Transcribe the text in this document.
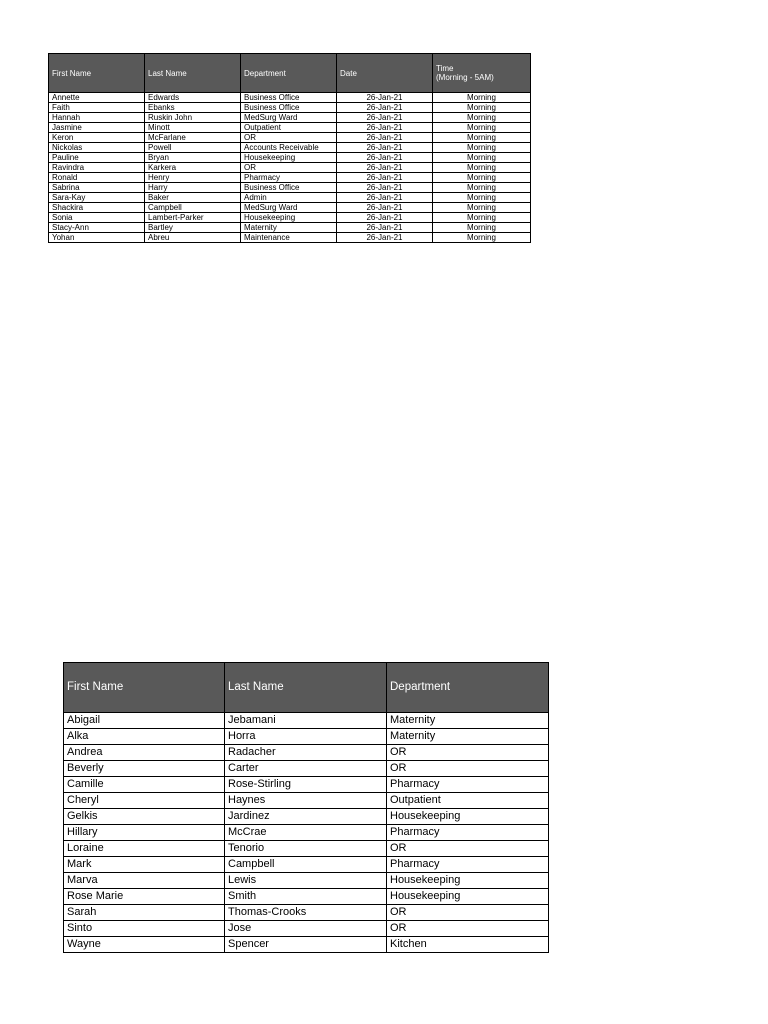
First Name	Last Name	Department	Date	Time
(Morning - 5AM)
Annette	Edwards	Business Office	26-Jan-21	Morning
Faith	Ebanks	Business Office	26-Jan-21	Morning
Hannah	Ruskin John	MedSurg Ward	26-Jan-21	Morning
Jasmine	Minott	Outpatient	26-Jan-21	Morning
Keron	McFarlane	OR	26-Jan-21	Morning
Nickolas	Powell	Accounts Receivable	26-Jan-21	Morning
Pauline	Bryan	Housekeeping	26-Jan-21	Morning
Ravindra	Karkera	OR	26-Jan-21	Morning
Ronald	Henry	Pharmacy	26-Jan-21	Morning
Sabrina	Harry	Business Office	26-Jan-21	Morning
Sara-Kay	Baker	Admin	26-Jan-21	Morning
Shackira	Campbell	MedSurg Ward	26-Jan-21	Morning
Sonia	Lambert-Parker	Housekeeping	26-Jan-21	Morning
Stacy-Ann	Bartley	Maternity	26-Jan-21	Morning
Yohan	Abreu	Maintenance	26-Jan-21	Morning
First Name	Last Name	Department
Abigail	Jebamani	Maternity
Alka	Horra	Maternity
Andrea	Radacher	OR
Beverly	Carter	OR
Camille	Rose-Stirling	Pharmacy
Cheryl	Haynes	Outpatient
Gelkis	Jardinez	Housekeeping
Hillary	McCrae	Pharmacy
Loraine	Tenorio	OR
Mark	Campbell	Pharmacy
Marva	Lewis	Housekeeping
Rose Marie	Smith	Housekeeping
Sarah	Thomas-Crooks	OR
Sinto	Jose	OR
Wayne	Spencer	Kitchen
